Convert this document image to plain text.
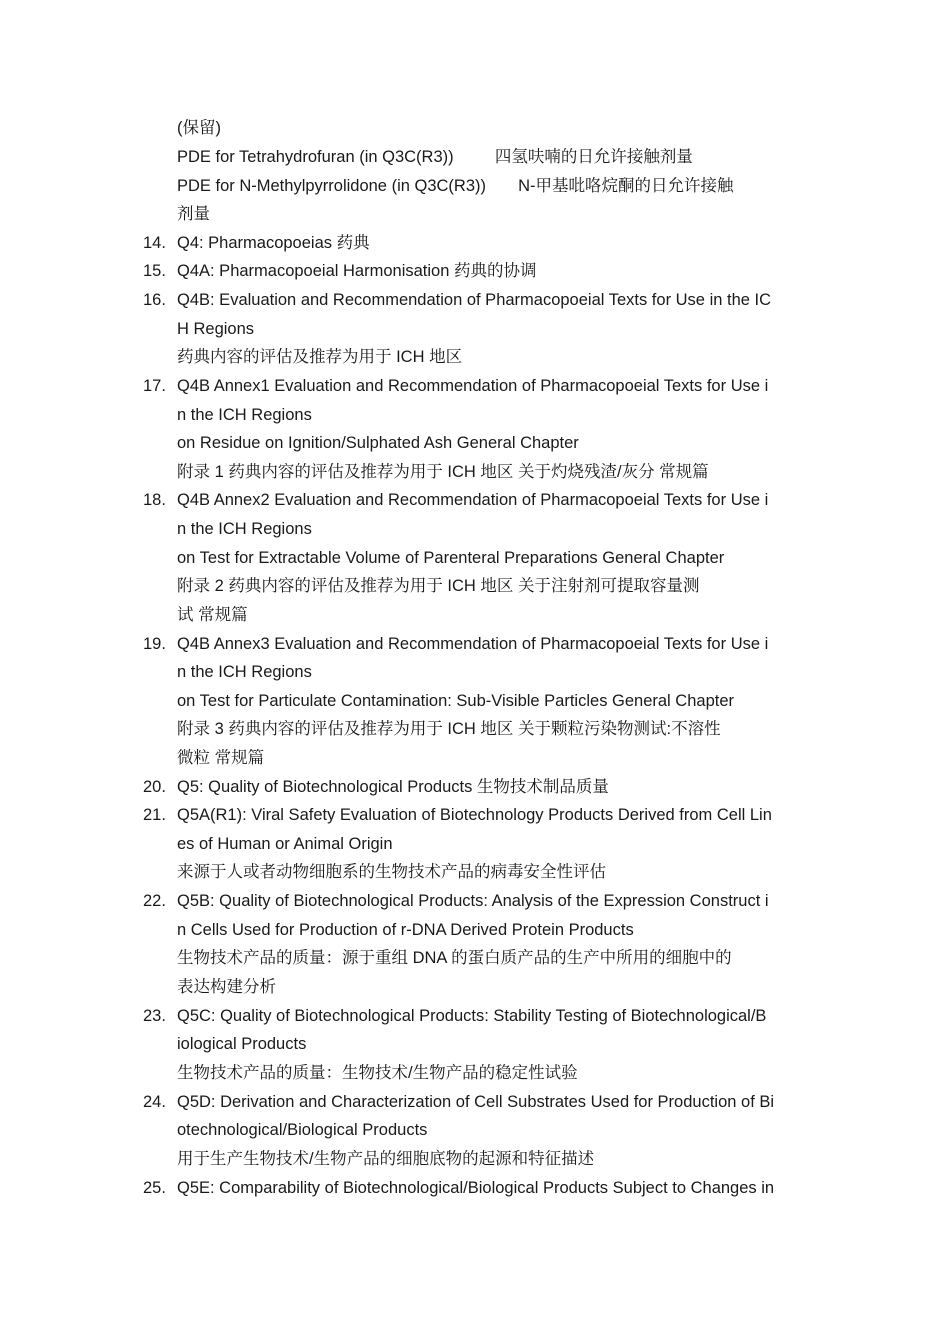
(保留)
PDE for Tetrahydrofuran (in Q3C(R3))         四氢呋喃的日允许接触剂量
PDE for N-Methylpyrrolidone (in Q3C(R3))       N-甲基吡咯烷酮的日允许接触
剂量
14. Q4: Pharmacopoeias 药典
15. Q4A: Pharmacopoeial Harmonisation 药典的协调
16. Q4B: Evaluation and Recommendation of Pharmacopoeial Texts for Use in the IC
H Regions
药典内容的评估及推荐为用于 ICH 地区
17. Q4B Annex1 Evaluation and Recommendation of Pharmacopoeial Texts for Use i
n the ICH Regions
on Residue on Ignition/Sulphated Ash General Chapter
附录 1 药典内容的评估及推荐为用于 ICH 地区 关于灼烧残渣/灰分 常规篇
18. Q4B Annex2 Evaluation and Recommendation of Pharmacopoeial Texts for Use i
n the ICH Regions
on Test for Extractable Volume of Parenteral Preparations General Chapter
附录 2 药典内容的评估及推荐为用于 ICH 地区 关于注射剂可提取容量测
试 常规篇
19. Q4B Annex3 Evaluation and Recommendation of Pharmacopoeial Texts for Use i
n the ICH Regions
on Test for Particulate Contamination: Sub-Visible Particles General Chapter
附录 3 药典内容的评估及推荐为用于 ICH 地区 关于颗粒污染物测试:不溶性
微粒 常规篇
20. Q5: Quality of Biotechnological Products 生物技术制品质量
21. Q5A(R1): Viral Safety Evaluation of Biotechnology Products Derived from Cell Lin
es of Human or Animal Origin
来源于人或者动物细胞系的生物技术产品的病毒安全性评估
22. Q5B: Quality of Biotechnological Products: Analysis of the Expression Construct i
n Cells Used for Production of r-DNA Derived Protein Products
生物技术产品的质量：源于重组 DNA 的蛋白质产品的生产中所用的细胞中的
表达构建分析
23. Q5C: Quality of Biotechnological Products: Stability Testing of Biotechnological/B
iological Products
生物技术产品的质量：生物技术/生物产品的稳定性试验
24. Q5D: Derivation and Characterization of Cell Substrates Used for Production of Bi
otechnological/Biological Products
用于生产生物技术/生物产品的细胞底物的起源和特征描述
25. Q5E: Comparability of Biotechnological/Biological Products Subject to Changes in
